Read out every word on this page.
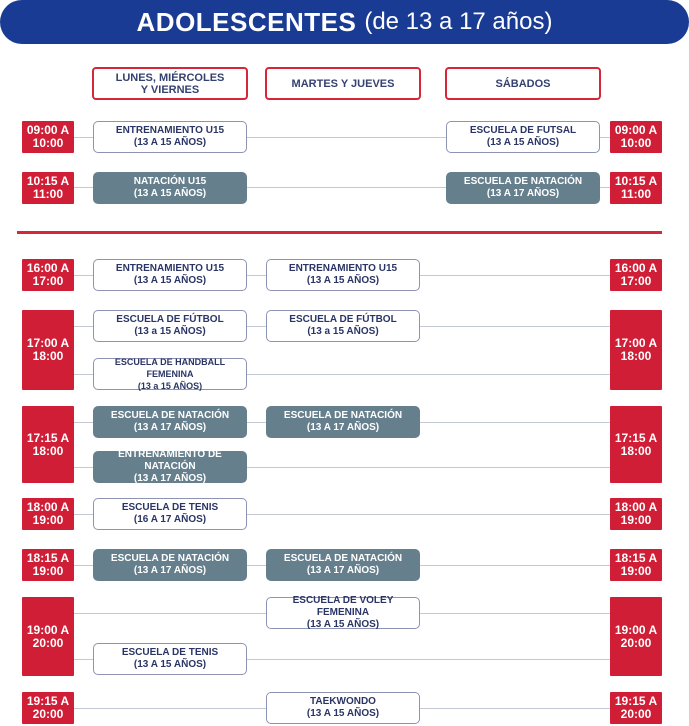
ADOLESCENTES (de 13 a 17 años)
LUNES, MIÉRCOLES
Y VIERNES	MARTES Y JUEVES	SÁBADOS
09:00 A
10:00
10:15 A
11:00
16:00 A
17:00
17:00 A
18:00
17:15 A
18:00
18:00 A
19:00
18:15 A
19:00
19:00 A
20:00
19:15 A
20:00
09:00 A
10:00
10:15 A
11:00
16:00 A
17:00
17:00 A
18:00
17:15 A
18:00
18:00 A
19:00
18:15 A
19:00
19:00 A
20:00
19:15 A
20:00
ENTRENAMIENTO U15
(13 A 15 AÑOS)
ESCUELA DE FUTSAL
(13 A 15 AÑOS)
NATACIÓN U15
(13 A 15 AÑOS)
ESCUELA DE NATACIÓN
(13 A 17 AÑOS)
ENTRENAMIENTO U15
(13 A 15 AÑOS)
ENTRENAMIENTO U15
(13 A 15 AÑOS)
ESCUELA DE FÚTBOL
(13 a 15 AÑOS)
ESCUELA DE FÚTBOL
(13 a 15 AÑOS)
ESCUELA DE HANDBALL FEMENINA
(13 a 15 AÑOS)
ESCUELA DE NATACIÓN
(13 A 17 AÑOS)
ESCUELA DE NATACIÓN
(13 A 17 AÑOS)
ENTRENAMIENTO DE NATACIÓN
(13 A 17 AÑOS)
ESCUELA DE TENIS
(16 A 17 AÑOS)
ESCUELA DE NATACIÓN
(13 A 17 AÑOS)
ESCUELA DE NATACIÓN
(13 A 17 AÑOS)
ESCUELA DE VOLEY FEMENINA
(13 A 15 AÑOS)
ESCUELA DE TENIS
(13 A 15 AÑOS)
TAEKWONDO
(13 A 15 AÑOS)
